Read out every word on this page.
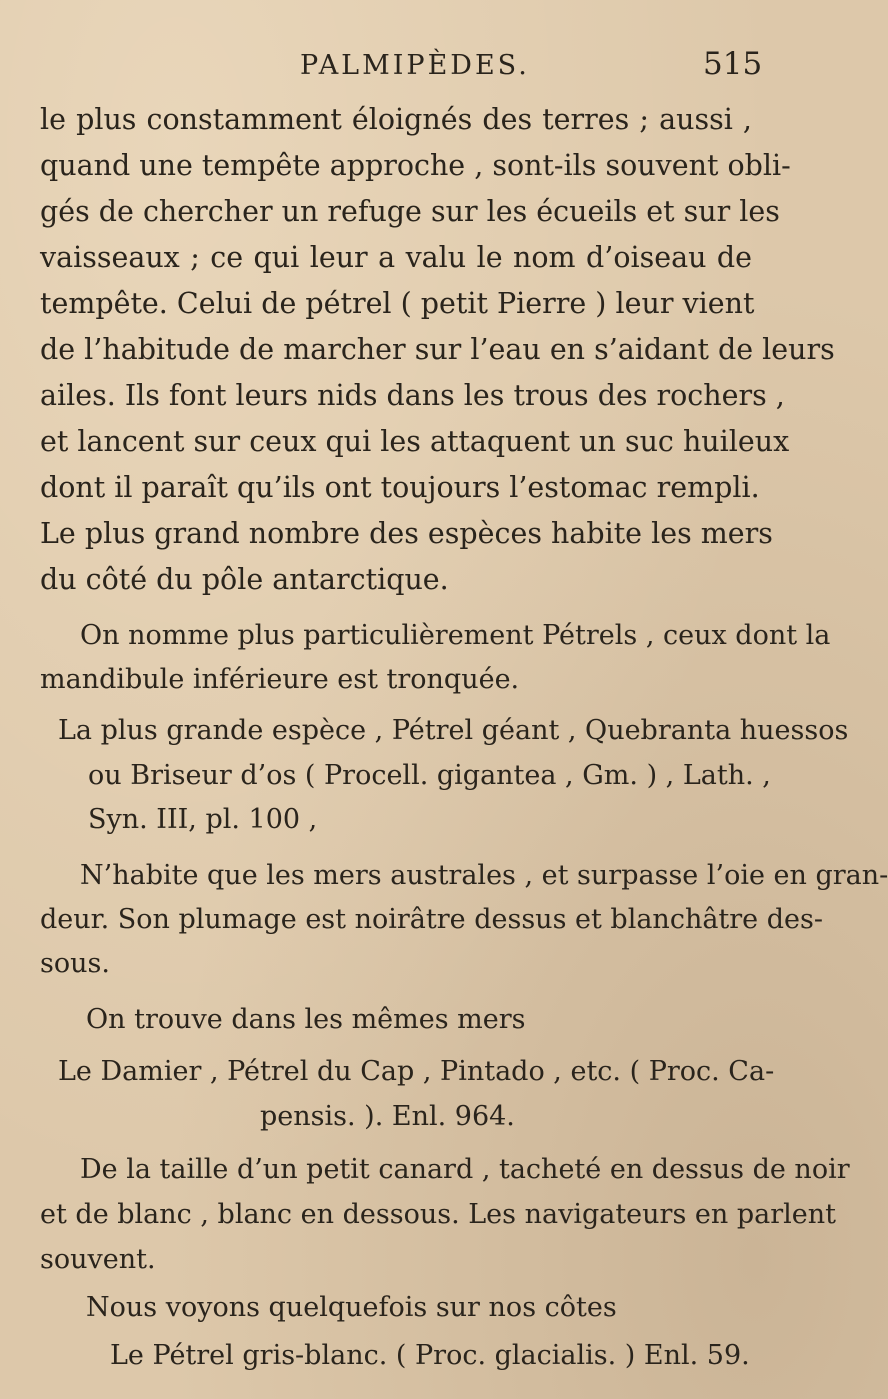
PALMIPÈDES.	515
le plus constamment éloignés des terres ; aussi ,
quand une tempête approche , sont-ils souvent obli-
gés de chercher un refuge sur les écueils et sur les
vaisseaux ; ce qui leur a valu le nom d’oiseau de
tempête. Celui de pétrel ( petit Pierre ) leur vient
de l’habitude de marcher sur l’eau en s’aidant de leurs
ailes. Ils font leurs nids dans les trous des rochers ,
et lancent sur ceux qui les attaquent un suc huileux
dont il paraît qu’ils ont toujours l’estomac rempli.
Le plus grand nombre des espèces habite les mers
du côté du pôle antarctique.
On nomme plus particulièrement Pétrels , ceux dont la
mandibule inférieure est tronquée.
La plus grande espèce , Pétrel géant , Quebranta huessos
ou Briseur d’os ( Procell. gigantea , Gm. ) , Lath. ,
Syn. III, pl. 100 ,
N’habite que les mers australes , et surpasse l’oie en gran-
deur. Son plumage est noirâtre dessus et blanchâtre des-
sous.
On trouve dans les mêmes mers
Le Damier , Pétrel du Cap , Pintado , etc. ( Proc. Ca-
pensis. ). Enl. 964.
De la taille d’un petit canard , tacheté en dessus de noir
et de blanc , blanc en dessous. Les navigateurs en parlent
souvent.
Nous voyons quelquefois sur nos côtes
Le Pétrel gris-blanc. ( Proc. glacialis. ) Enl. 59.
